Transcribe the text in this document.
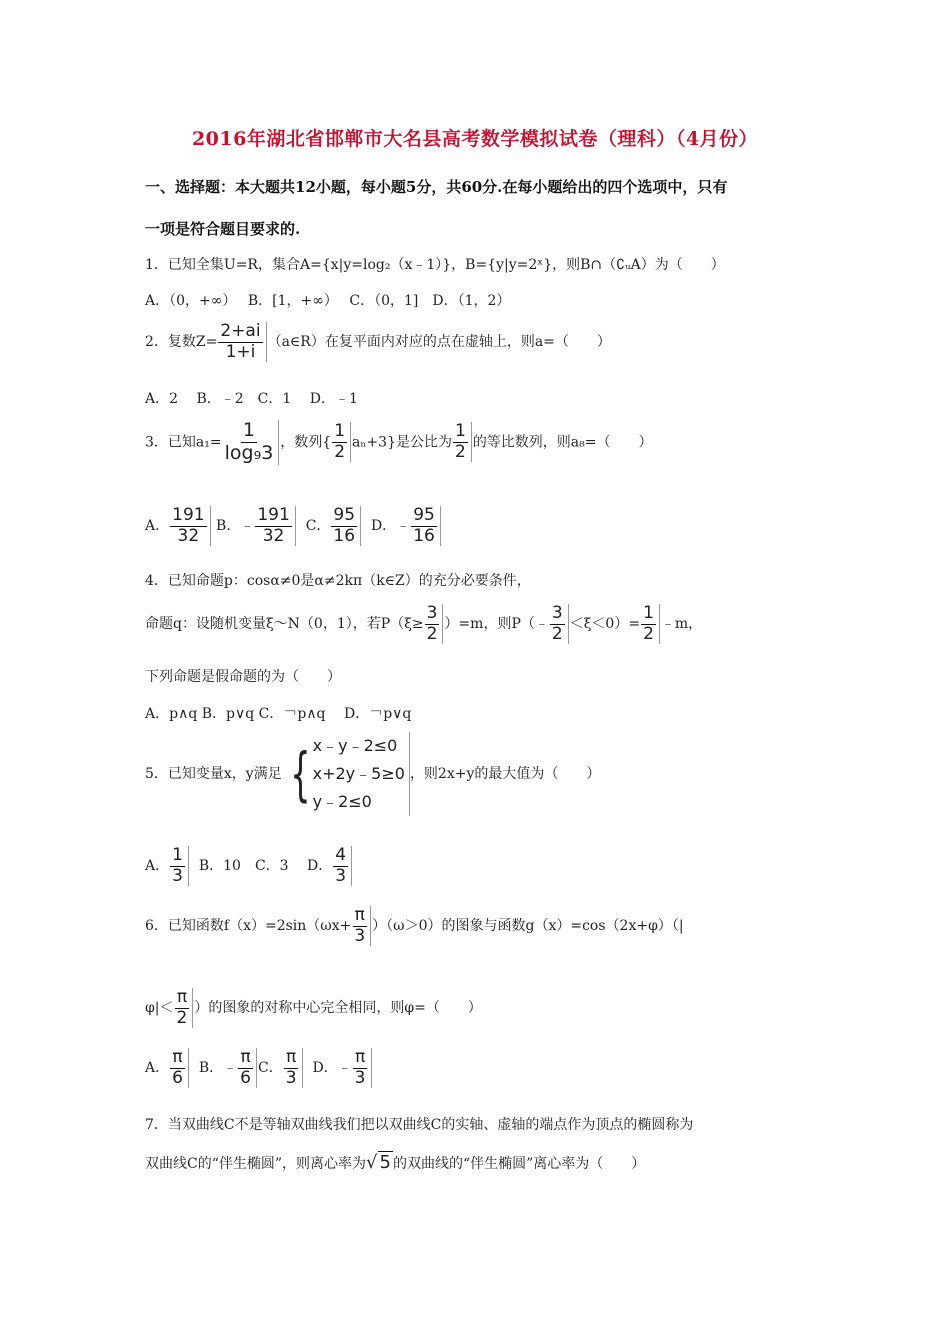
2016年湖北省邯郸市大名县高考数学模拟试卷（理科）（4月份）
一、选择题：本大题共12小题，每小题5分，共60分.在每小题给出的四个选项中，只有
一项是符合题目要求的.
1．已知全集U=R，集合A={x|y=log₂（x﹣1）}，B={y|y=2ˣ}，则B∩（∁ᵤA）为（　　）
A．（0，+∞）　 B．[1，+∞）　 C．（0，1]　D．（1，2）
2．复数$Z= \frac{2+ai}{1+i}$ （a∈R）在复平面内对应的点在虚轴上，则a=（　　）
A．2　 B．﹣2　C．1　 D．﹣1
3．已知$a_1= \frac{1}{\text{log₉3}}$ ，数列{ $\frac{1}{2} a_n+3$}是公比为 $\frac{1}{2}$ 的等比数列，则a₈=（　　）
A． $\frac{191}{32}$ B．﹣ $\frac{191}{32}$ C． $\frac{95}{16}$ D．﹣ $\frac{95}{16}$
4．已知命题p：cosα≠0是α≠2kπ（k∈Z）的充分必要条件，
命题q：设随机变量ξ～N（0，1），若$P(\xi\ge \frac{3}{2} )=m$，则P（﹣ $\frac{3}{2} <\xi<0)= \frac{1}{2}$ ﹣m，
下列命题是假命题的为（　　）
A．p∧q B．p∨q C．￢p∧q　 D．￢p∨q
5．已知变量x，y满足 { x﹣y﹣2≤0
x+2y﹣5≥0
y﹣2≤0
，则2x+y的最大值为（　　）
A． $\frac{1}{3}$ B．10　C．3　 D． $\frac{4}{3}$
6．已知函数$f(x)=2\sin(\omega x+ \frac{\pi}{3} )(\omega>0)$的图象与函数g（x）=cos（2x+φ）（|
$\varphi|< \frac{\pi}{2}$ ）的图象的对称中心完全相同，则φ=（　　）
A． $\frac{\pi}{6}$ B．﹣ $\frac{\pi}{6}$ C． $\frac{\pi}{3}$ D．﹣ $\frac{\pi}{3}$
7．当双曲线C不是等轴双曲线我们把以双曲线C的实轴、虚轴的端点作为顶点的椭圆称为
双曲线C的“伴生椭圆”，则离心率为√ 5 的双曲线的“伴生椭圆”离心率为（　　）
